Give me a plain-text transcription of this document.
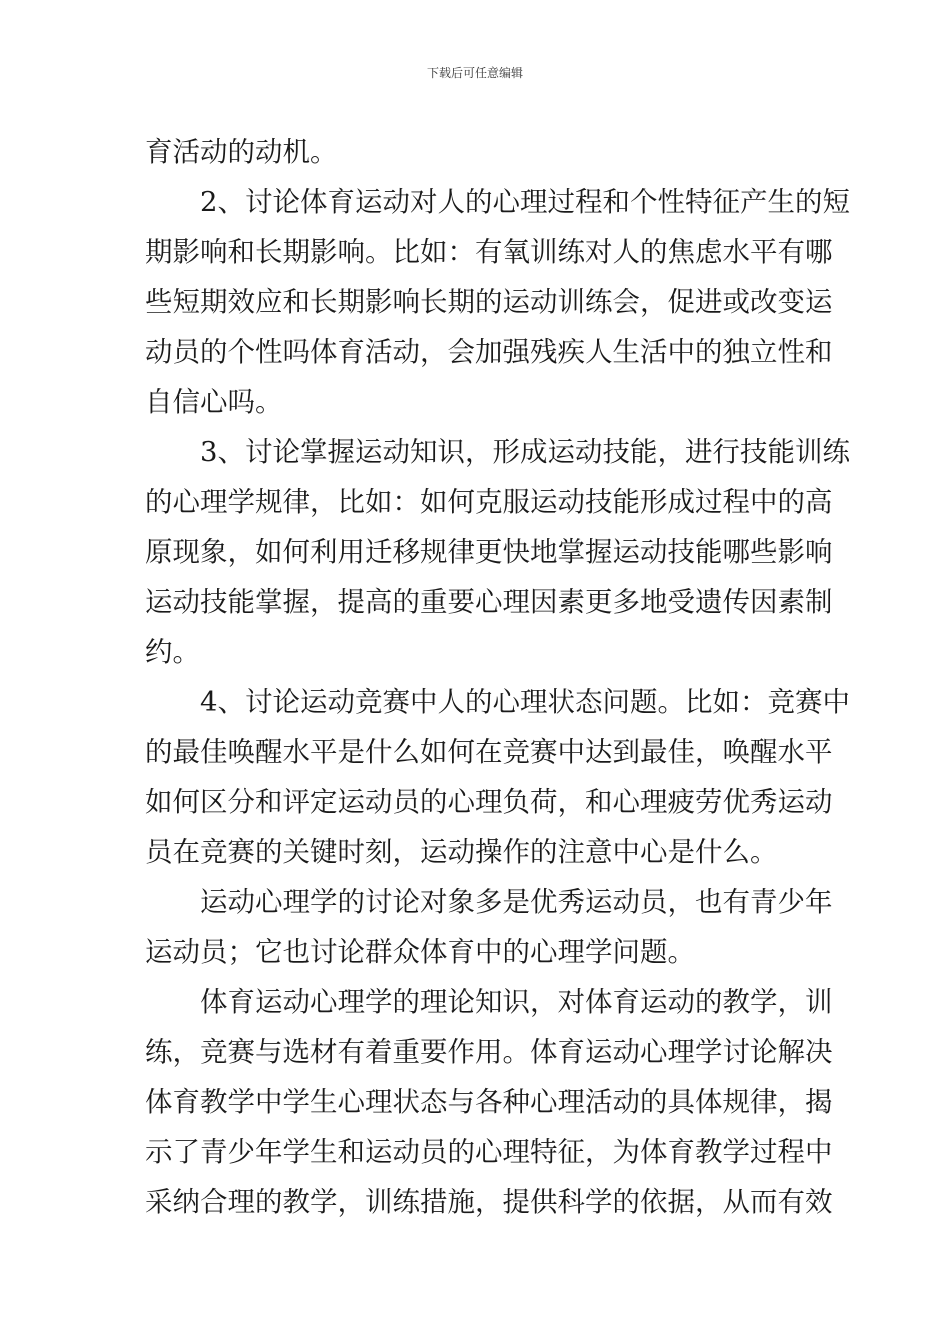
下载后可任意编辑
育活动的动机。
2、讨论体育运动对人的心理过程和个性特征产生的短
期影响和长期影响。比如：有氧训练对人的焦虑水平有哪
些短期效应和长期影响长期的运动训练会，促进或改变运
动员的个性吗体育活动，会加强残疾人生活中的独立性和
自信心吗。
3、讨论掌握运动知识，形成运动技能，进行技能训练
的心理学规律，比如：如何克服运动技能形成过程中的高
原现象，如何利用迁移规律更快地掌握运动技能哪些影响
运动技能掌握，提高的重要心理因素更多地受遗传因素制
约。
4、讨论运动竞赛中人的心理状态问题。比如：竞赛中
的最佳唤醒水平是什么如何在竞赛中达到最佳，唤醒水平
如何区分和评定运动员的心理负荷，和心理疲劳优秀运动
员在竞赛的关键时刻，运动操作的注意中心是什么。
运动心理学的讨论对象多是优秀运动员，也有青少年
运动员；它也讨论群众体育中的心理学问题。
体育运动心理学的理论知识，对体育运动的教学，训
练，竞赛与选材有着重要作用。体育运动心理学讨论解决
体育教学中学生心理状态与各种心理活动的具体规律，揭
示了青少年学生和运动员的心理特征，为体育教学过程中
采纳合理的教学，训练措施，提供科学的依据，从而有效
